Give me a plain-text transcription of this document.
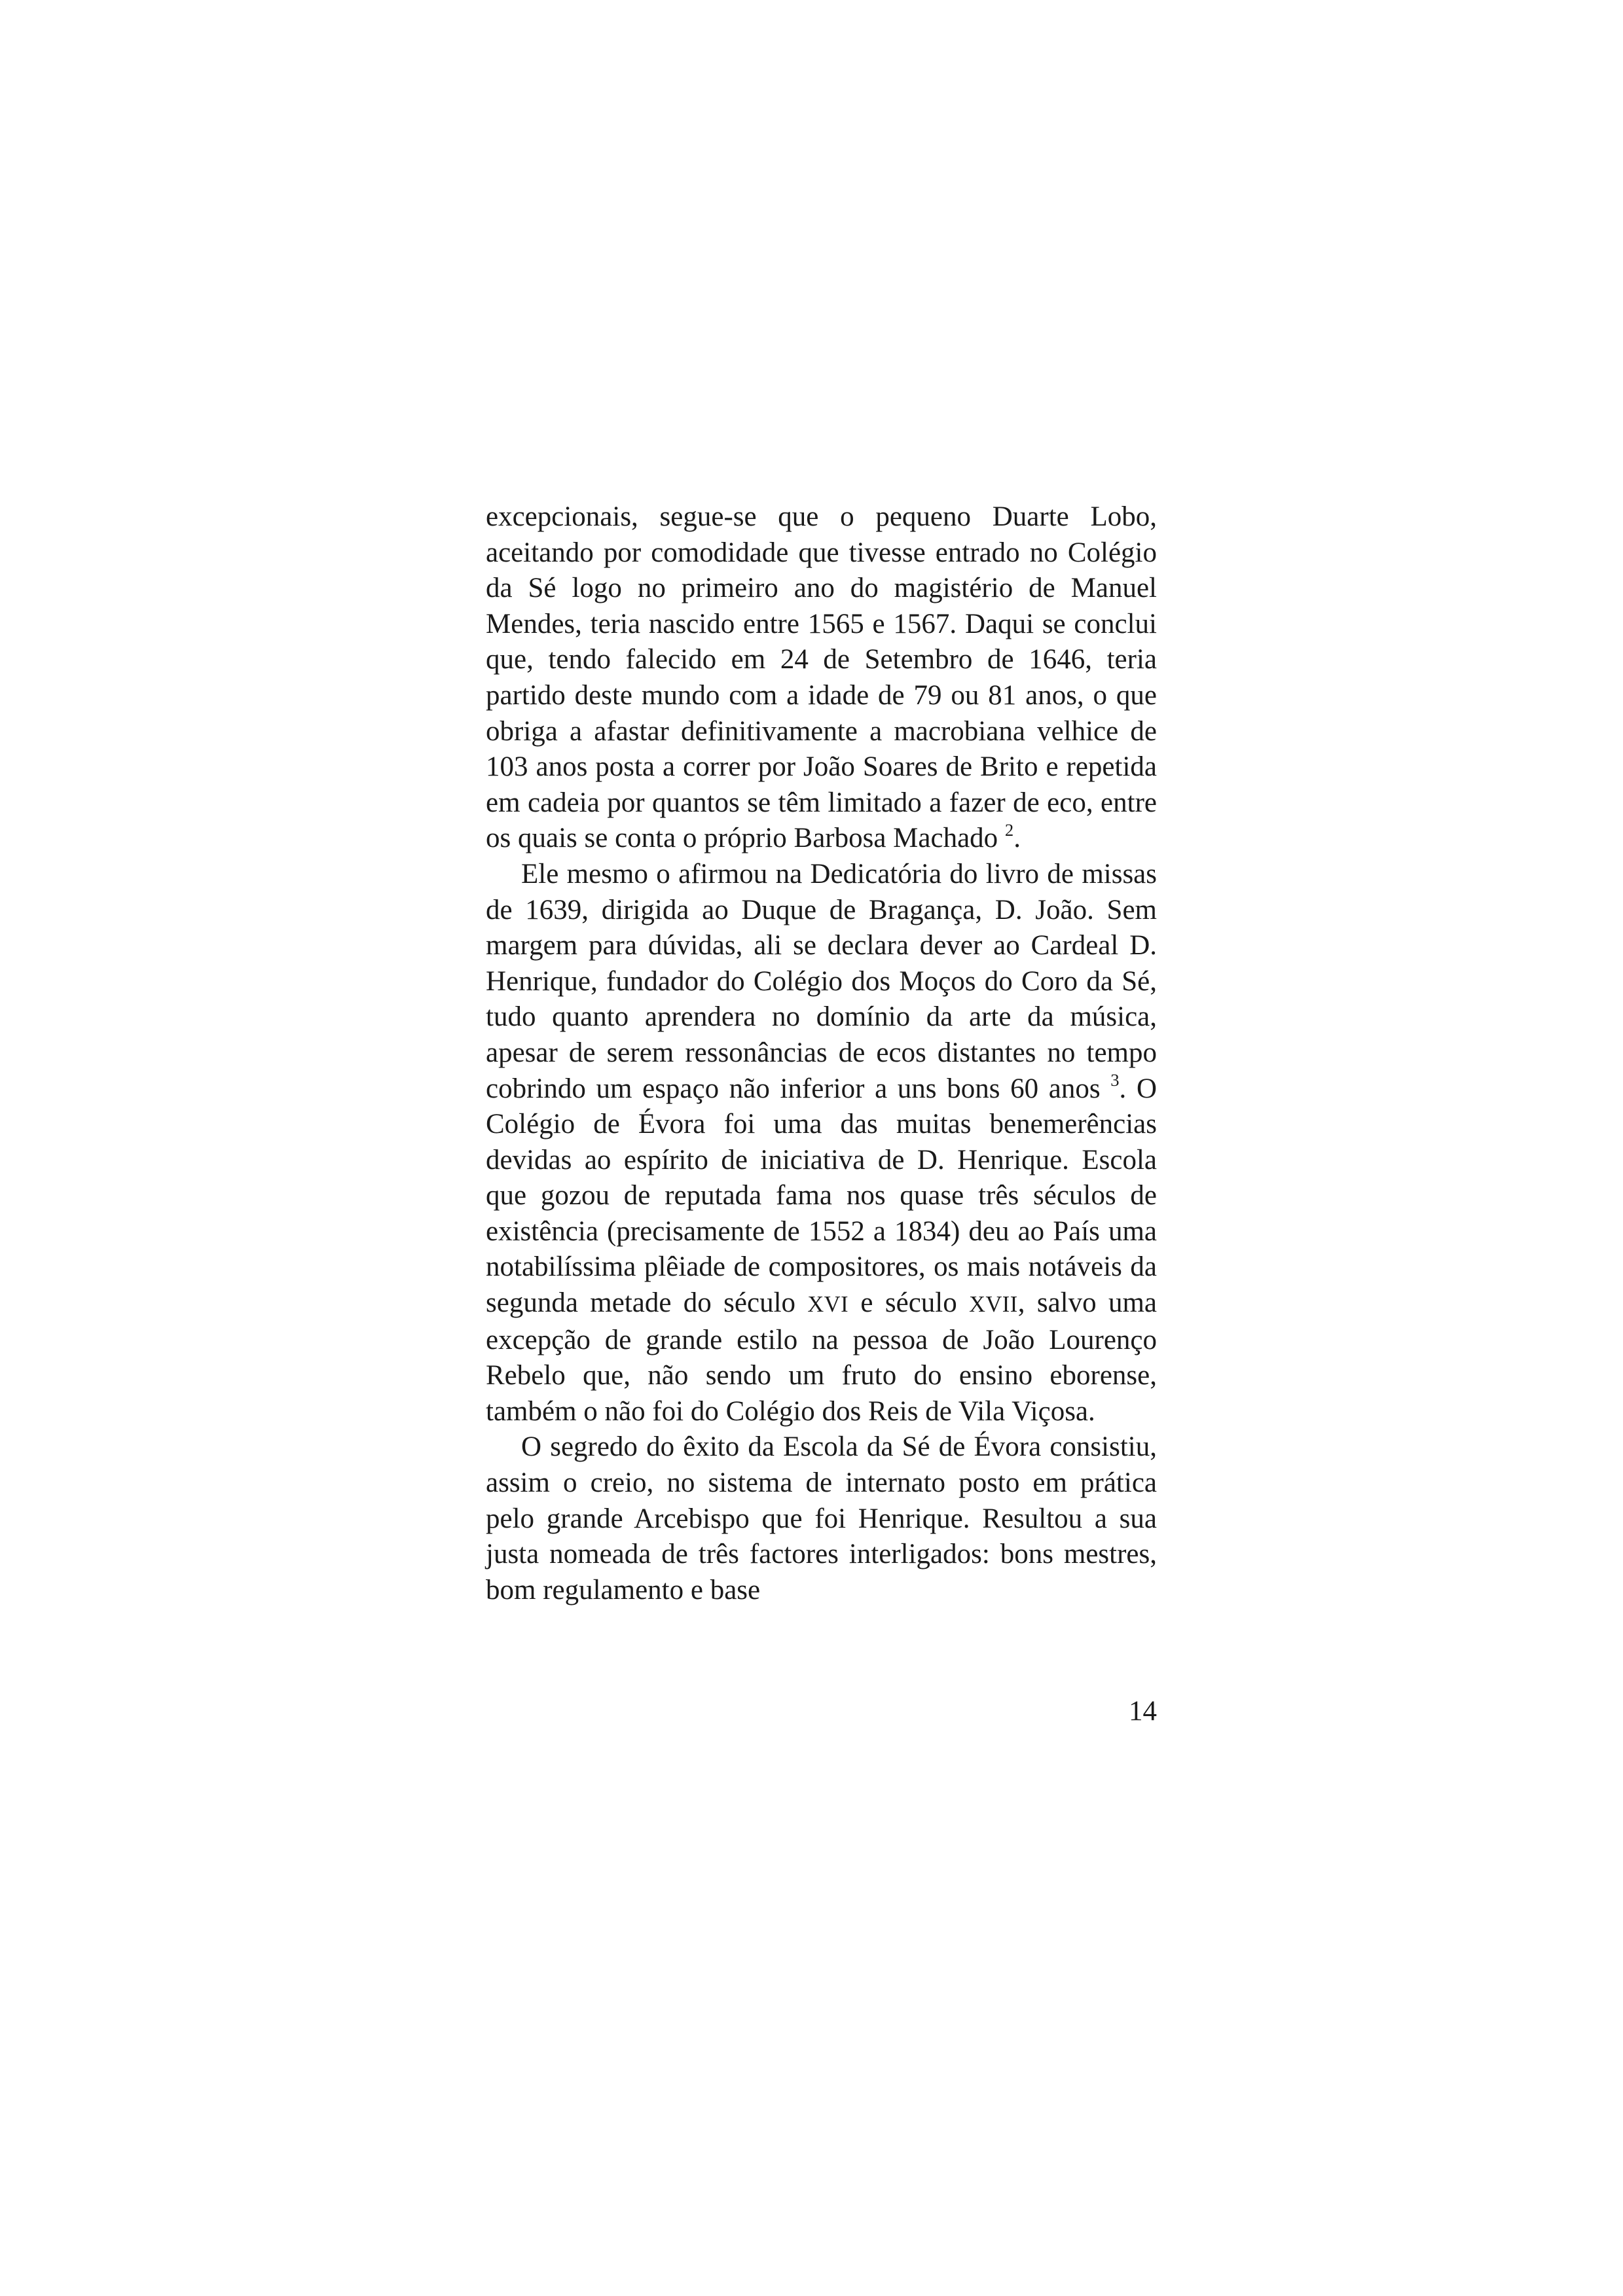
excepcionais, segue-se que o pequeno Duarte Lobo, aceitando por comodidade que tivesse entrado no Colégio da Sé logo no primeiro ano do magistério de Manuel Mendes, teria nascido entre 1565 e 1567. Daqui se conclui que, tendo falecido em 24 de Setembro de 1646, teria partido deste mundo com a idade de 79 ou 81 anos, o que obriga a afastar definitivamente a macrobiana velhice de 103 anos posta a correr por João Soares de Brito e repetida em cadeia por quantos se têm limitado a fazer de eco, entre os quais se conta o próprio Barbosa Machado $^2$.

Ele mesmo o afirmou na Dedicatória do livro de missas de 1639, dirigida ao Duque de Bragança, D. João. Sem margem para dúvidas, ali se declara dever ao Cardeal D. Henrique, fundador do Colégio dos Moços do Coro da Sé, tudo quanto aprendera no domínio da arte da música, apesar de serem ressonâncias de ecos distantes no tempo cobrindo um espaço não inferior a uns bons 60 anos $^3$. O Colégio de Évora foi uma das muitas benemerências devidas ao espírito de iniciativa de D. Henrique. Escola que gozou de reputada fama nos quase três séculos de existência (precisamente de 1552 a 1834) deu ao País uma notabilíssima plêiade de compositores, os mais notáveis da segunda metade do século XVI e século XVII, salvo uma excepção de grande estilo na pessoa de João Lourenço Rebelo que, não sendo um fruto do ensino eborense, também o não foi do Colégio dos Reis de Vila Viçosa.

O segredo do êxito da Escola da Sé de Évora consistiu, assim o creio, no sistema de internato posto em prática pelo grande Arcebispo que foi Henrique. Resultou a sua justa nomeada de três factores interligados: bons mestres, bom regulamento e base

14
